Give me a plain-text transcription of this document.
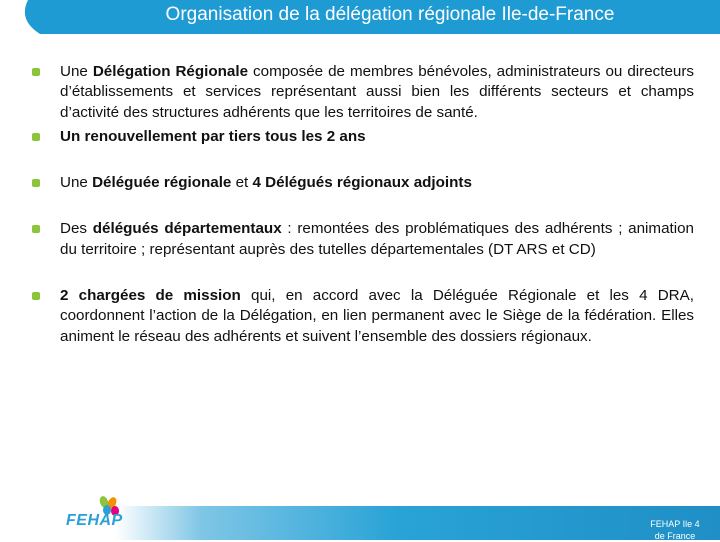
Organisation de la délégation régionale Ile-de-France
Une Délégation Régionale composée de membres bénévoles, administrateurs ou directeurs d’établissements et services représentant aussi bien les différents secteurs et champs d’activité des structures adhérents que les territoires de santé.
Un renouvellement par tiers tous les 2 ans
Une Déléguée régionale et 4 Délégués régionaux adjoints
Des délégués départementaux : remontées des problématiques des adhérents ; animation du territoire ; représentant auprès des tutelles départementales (DT ARS et CD)
2 chargées de mission qui, en accord avec la Déléguée Régionale et les 4 DRA, coordonnent l’action de la Délégation, en lien permanent avec le Siège de la fédération. Elles animent le réseau des adhérents et suivent l’ensemble des dossiers régionaux.
FEHAP	FEHAP Ile 4
de France
